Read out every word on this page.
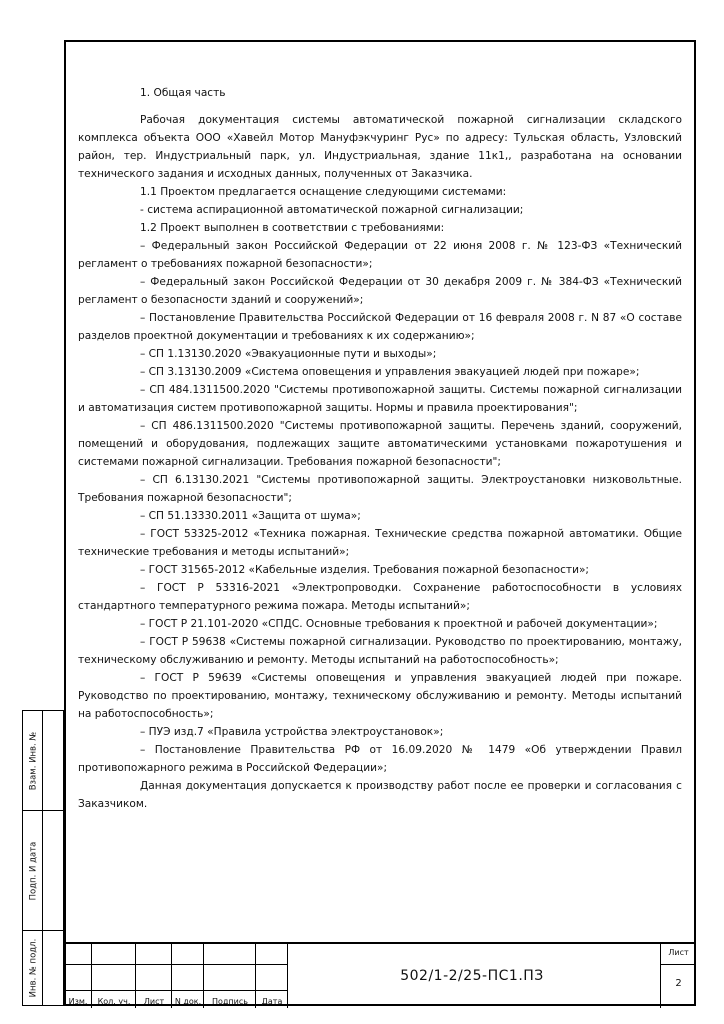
1. Общая часть

Рабочая документация системы автоматической пожарной сигнализации складского комплекса объекта ООО «Хавейл Мотор Мануфэкчуринг Рус» по адресу: Тульская область, Узловский район, тер. Индустриальный парк, ул. Индустриальная, здание 11к1,, разработана на основании технического задания и исходных данных, полученных от Заказчика.

1.1 Проектом предлагается оснащение следующими системами:

- система аспирационной автоматической пожарной сигнализации;

1.2 Проект выполнен в соответствии с требованиями:

– Федеральный закон Российской Федерации от 22 июня 2008 г. № 123-ФЗ «Технический регламент о требованиях пожарной безопасности»;

– Федеральный закон Российской Федерации от 30 декабря 2009 г. № 384-ФЗ «Технический регламент о безопасности зданий и сооружений»;

– Постановление Правительства Российской Федерации от 16 февраля 2008 г. N 87 «О составе разделов проектной документации и требованиях к их содержанию»;

– СП 1.13130.2020 «Эвакуационные пути и выходы»;

– СП 3.13130.2009 «Система оповещения и управления эвакуацией людей при пожаре»;

– СП 484.1311500.2020 "Системы противопожарной защиты. Системы пожарной сигнализации и автоматизация систем противопожарной защиты. Нормы и правила проектирования";

– СП 486.1311500.2020 "Системы противопожарной защиты. Перечень зданий, сооружений, помещений и оборудования, подлежащих защите автоматическими установками пожаротушения и системами пожарной сигнализации. Требования пожарной безопасности";

– СП 6.13130.2021 "Системы противопожарной защиты. Электроустановки низковольтные. Требования пожарной безопасности";

– СП 51.13330.2011 «Защита от шума»;

– ГОСТ 53325-2012 «Техника пожарная. Технические средства пожарной автоматики. Общие технические требования и методы испытаний»;

– ГОСТ 31565-2012 «Кабельные изделия. Требования пожарной безопасности»;

– ГОСТ Р 53316-2021 «Электропроводки. Сохранение работоспособности в условиях стандартного температурного режима пожара. Методы испытаний»;

– ГОСТ Р 21.101-2020 «СПДС. Основные требования к проектной и рабочей документации»;

– ГОСТ Р 59638 «Системы пожарной сигнализации. Руководство по проектированию, монтажу, техническому обслуживанию и ремонту. Методы испытаний на работоспособность»;

– ГОСТ Р 59639 «Системы оповещения и управления эвакуацией людей при пожаре. Руководство по проектированию, монтажу, техническому обслуживанию и ремонту. Методы испытаний на работоспособность»;

– ПУЭ изд.7 «Правила устройства электроустановок»;

– Постановление Правительства РФ от 16.09.2020 № 1479 «Об утверждении Правил противопожарного режима в Российской Федерации»;

Данная документация допускается к производству работ после ее проверки и согласования с Заказчиком.

Взам. Инв. №
Подп. И дата
Инв. № подл.
Изм.	Кол. уч.	Лист	N док.	Подпись	Дата
502/1-2/25-ПС1.ПЗ
Лист
2
